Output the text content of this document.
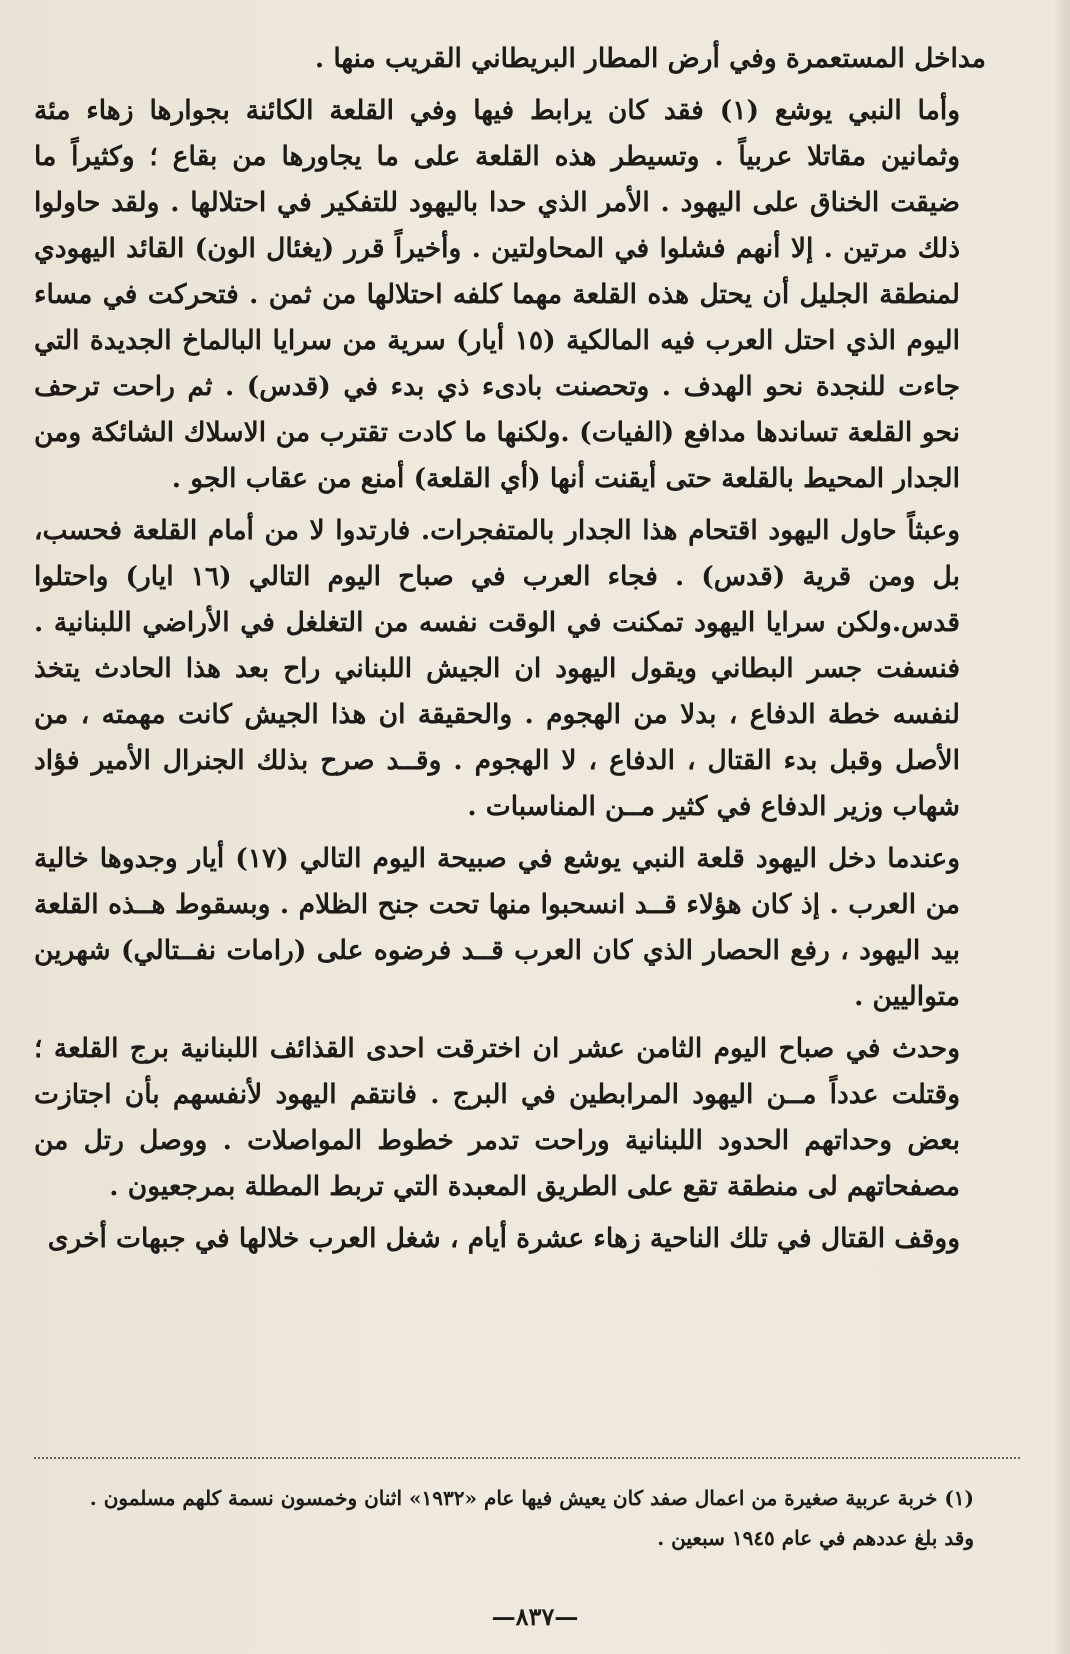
مداخل المستعمرة وفي أرض المطار البريطاني القريب منها .

وأما النبي يوشع (١) فقد كان يرابط فيها وفي القلعة الكائنة بجوارها زهاء مئة وثمانين مقاتلا عربياً . وتسيطر هذه القلعة على ما يجاورها من بقاع ؛ وكثيراً ما ضيقت الخناق على اليهود . الأمر الذي حدا باليهود للتفكير في احتلالها . ولقد حاولوا ذلك مرتين . إلا أنهم فشلوا في المحاولتين . وأخيراً قرر (يغئال الون) القائد اليهودي لمنطقة الجليل أن يحتل هذه القلعة مهما كلفه احتلالها من ثمن . فتحركت في مساء اليوم الذي احتل العرب فيه المالكية (١٥ أيار) سرية من سرايا البالماخ الجديدة التي جاءت للنجدة نحو الهدف . وتحصنت بادىء ذي بدء في (قدس) . ثم راحت ترحف نحو القلعة تساندها مدافع (الفيات) .ولكنها ما كادت تقترب من الاسلاك الشائكة ومن الجدار المحيط بالقلعة حتى أيقنت أنها (أي القلعة) أمنع من عقاب الجو .

وعبثاً حاول اليهود اقتحام هذا الجدار بالمتفجرات. فارتدوا لا من أمام القلعة فحسب، بل ومن قرية (قدس) . فجاء العرب في صباح اليوم التالي (١٦ ايار) واحتلوا قدس.ولكن سرايا اليهود تمكنت في الوقت نفسه من التغلغل في الأراضي اللبنانية . فنسفت جسر البطاني ويقول اليهود ان الجيش اللبناني راح بعد هذا الحادث يتخذ لنفسه خطة الدفاع ، بدلا من الهجوم . والحقيقة ان هذا الجيش كانت مهمته ، من الأصل وقبل بدء القتال ، الدفاع ، لا الهجوم . وقــد صرح بذلك الجنرال الأمير فؤاد شهاب وزير الدفاع في كثير مــن المناسبات .

وعندما دخل اليهود قلعة النبي يوشع في صبيحة اليوم التالي (١٧) أيار وجدوها خالية من العرب . إذ كان هؤلاء قــد انسحبوا منها تحت جنح الظلام . وبسقوط هــذه القلعة بيد اليهود ، رفع الحصار الذي كان العرب قــد فرضوه على (رامات نفــتالي) شهرين متواليين .

وحدث في صباح اليوم الثامن عشر ان اخترقت احدى القذائف اللبنانية برج القلعة ؛ وقتلت عدداً مــن اليهود المرابطين في البرج . فانتقم اليهود لأنفسهم بأن اجتازت بعض وحداتهم الحدود اللبنانية وراحت تدمر خطوط المواصلات . ووصل رتل من مصفحاتهم لى منطقة تقع على الطريق المعبدة التي تربط المطلة بمرجعيون .

ووقف القتال في تلك الناحية زهاء عشرة أيام ، شغل العرب خلالها في جبهات أخرى

(١) خربة عربية صغيرة من اعمال صفد كان يعيش فيها عام «١٩٣٢» اثنان وخمسون نسمة كلهم مسلمون .

وقد بلغ عددهم في عام ١٩٤٥ سبعين .

—٨٣٧—
